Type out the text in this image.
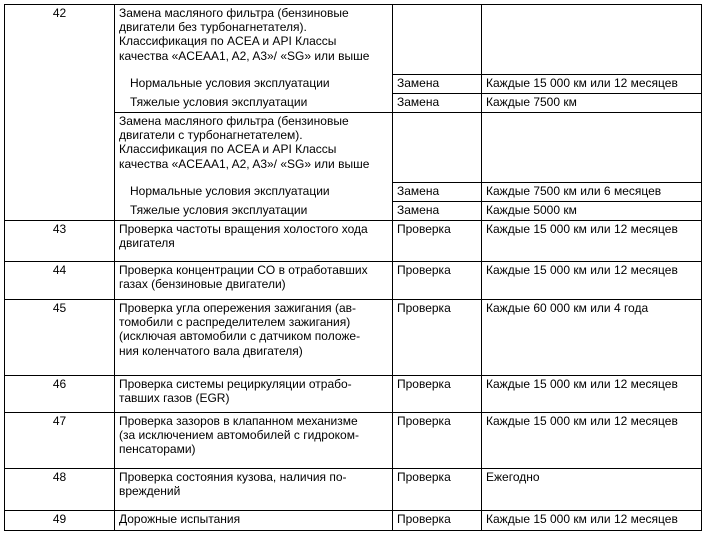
42	Замена масляного фильтра (бензиновые
двигатели без турбонагнетателя).
Классификация по ACEA и API Классы
качества «ACEAA1, A2, A3»/ «SG» или выше		
	Нормальные условия эксплуатации	Замена	Каждые 15 000 км или 12 месяцев
	Тяжелые условия эксплуатации	Замена	Каждые 7500 км
	Замена масляного фильтра (бензиновые
двигатели с турбонагнетателем).
Классификация по ACEA и API Классы
качества «ACEAA1, A2, A3»/ «SG» или выше		
	Нормальные условия эксплуатации	Замена	Каждые 7500 км или 6 месяцев
	Тяжелые условия эксплуатации	Замена	Каждые 5000 км
43	Проверка частоты вращения холостого хода
двигателя	Проверка	Каждые 15 000 км или 12 месяцев
44	Проверка концентрации CO в отработавших
газах (бензиновые двигатели)	Проверка	Каждые 15 000 км или 12 месяцев
45	Проверка угла опережения зажигания (ав-
томобили с распределителем зажигания)
(исключая автомобили с датчиком положе-
ния коленчатого вала двигателя)	Проверка	Каждые 60 000 км или 4 года
46	Проверка системы рециркуляции отрабо-
тавших газов (EGR)	Проверка	Каждые 15 000 км или 12 месяцев
47	Проверка зазоров в клапанном механизме
(за исключением автомобилей с гидроком-
пенсаторами)	Проверка	Каждые 15 000 км или 12 месяцев
48	Проверка состояния кузова, наличия по-
вреждений	Проверка	Ежегодно
49	Дорожные испытания	Проверка	Каждые 15 000 км или 12 месяцев
